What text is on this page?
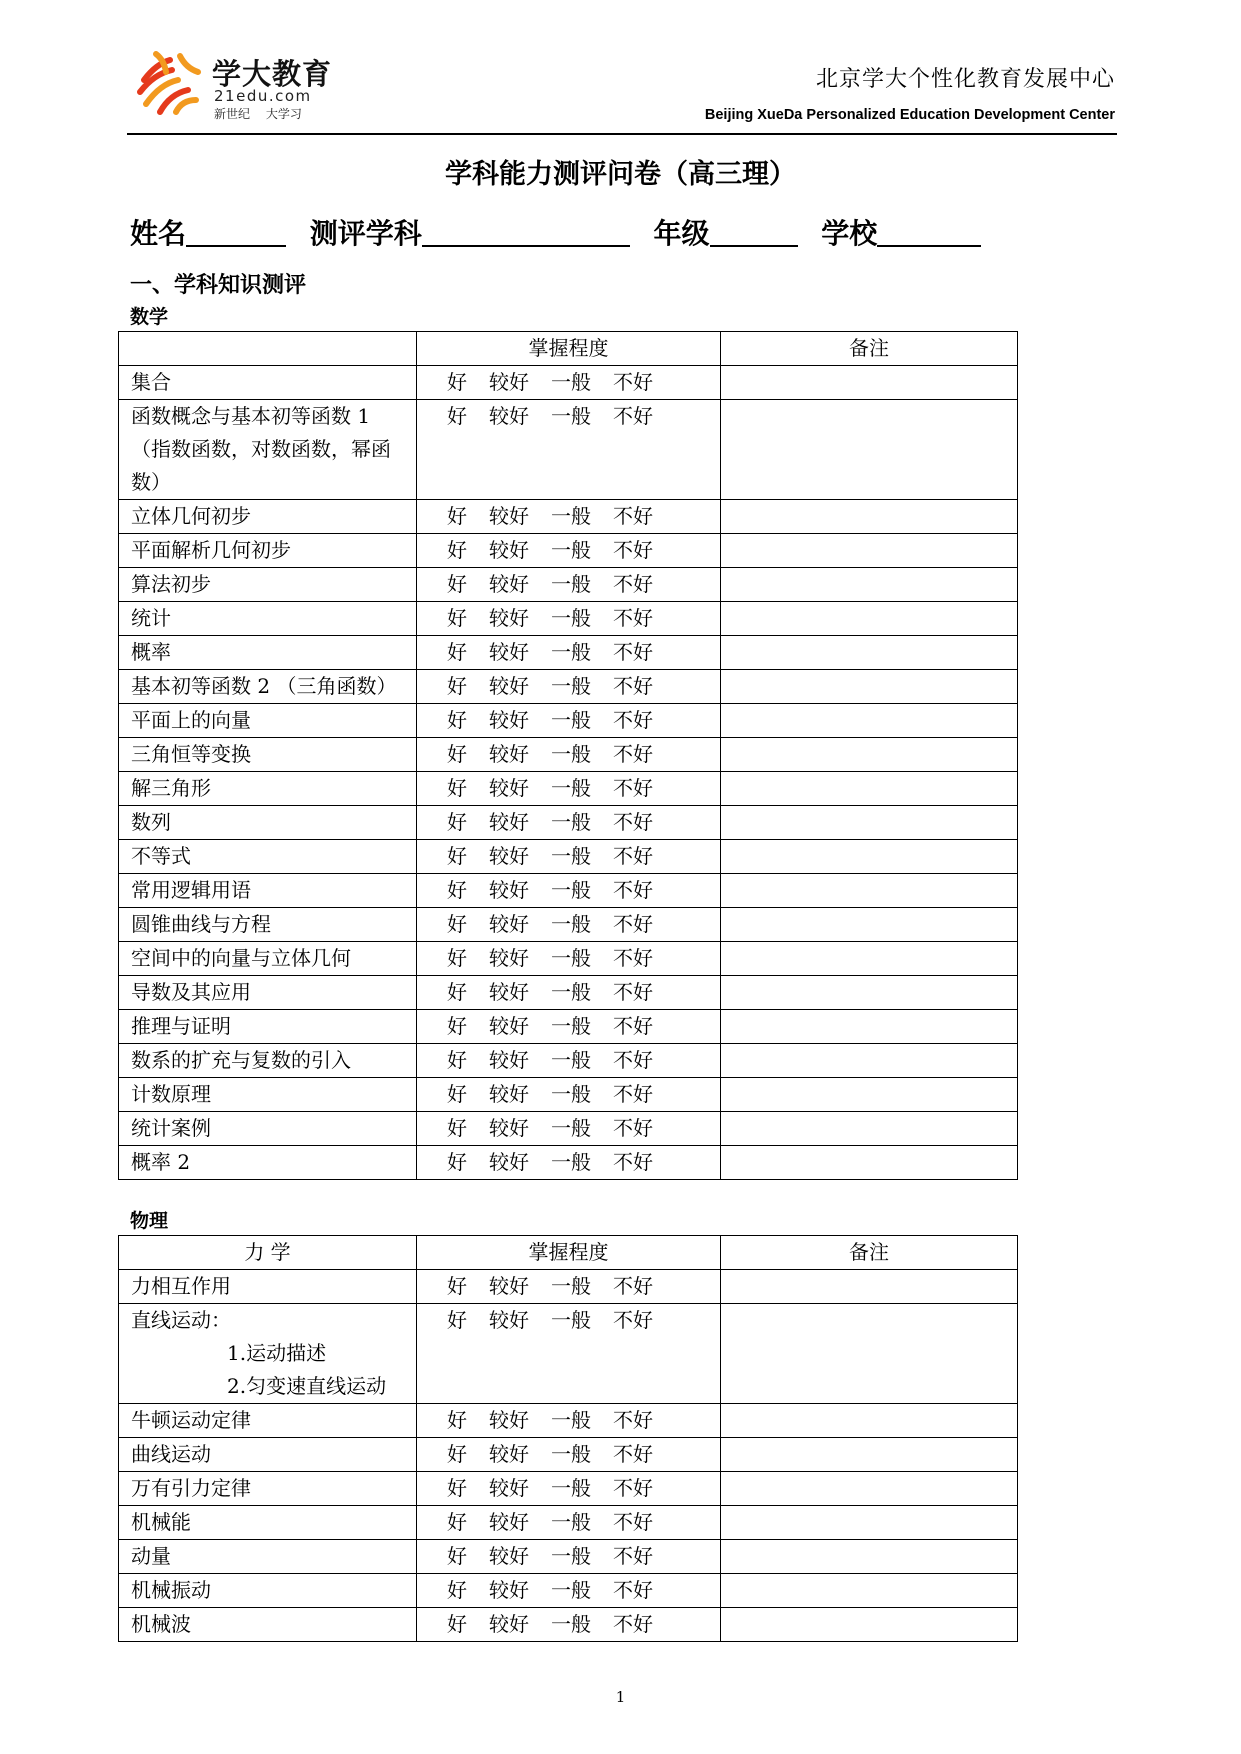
学大教育
21edu.com
新世纪 大学习
北京学大个性化教育发展中心
Beijing XueDa Personalized Education Development Center
学科能力测评问卷（高三理）
姓名	测评学科	年级	学校
一、学科知识测评
数学
	掌握程度	备注
集合	好 较好 一般 不好	
函数概念与基本初等函数 1（指数函数，对数函数，幂函数）	好 较好 一般 不好	
立体几何初步	好 较好 一般 不好	
平面解析几何初步	好 较好 一般 不好	
算法初步	好 较好 一般 不好	
统计	好 较好 一般 不好	
概率	好 较好 一般 不好	
基本初等函数 2 （三角函数）	好 较好 一般 不好	
平面上的向量	好 较好 一般 不好	
三角恒等变换	好 较好 一般 不好	
解三角形	好 较好 一般 不好	
数列	好 较好 一般 不好	
不等式	好 较好 一般 不好	
常用逻辑用语	好 较好 一般 不好	
圆锥曲线与方程	好 较好 一般 不好	
空间中的向量与立体几何	好 较好 一般 不好	
导数及其应用	好 较好 一般 不好	
推理与证明	好 较好 一般 不好	
数系的扩充与复数的引入	好 较好 一般 不好	
计数原理	好 较好 一般 不好	
统计案例	好 较好 一般 不好	
概率 2	好 较好 一般 不好	
物理
力 学	掌握程度	备注
力相互作用	好 较好 一般 不好	
直线运动：
1.运动描述
2.匀变速直线运动	好 较好 一般 不好	
牛顿运动定律	好 较好 一般 不好	
曲线运动	好 较好 一般 不好	
万有引力定律	好 较好 一般 不好	
机械能	好 较好 一般 不好	
动量	好 较好 一般 不好	
机械振动	好 较好 一般 不好	
机械波	好 较好 一般 不好	
1
